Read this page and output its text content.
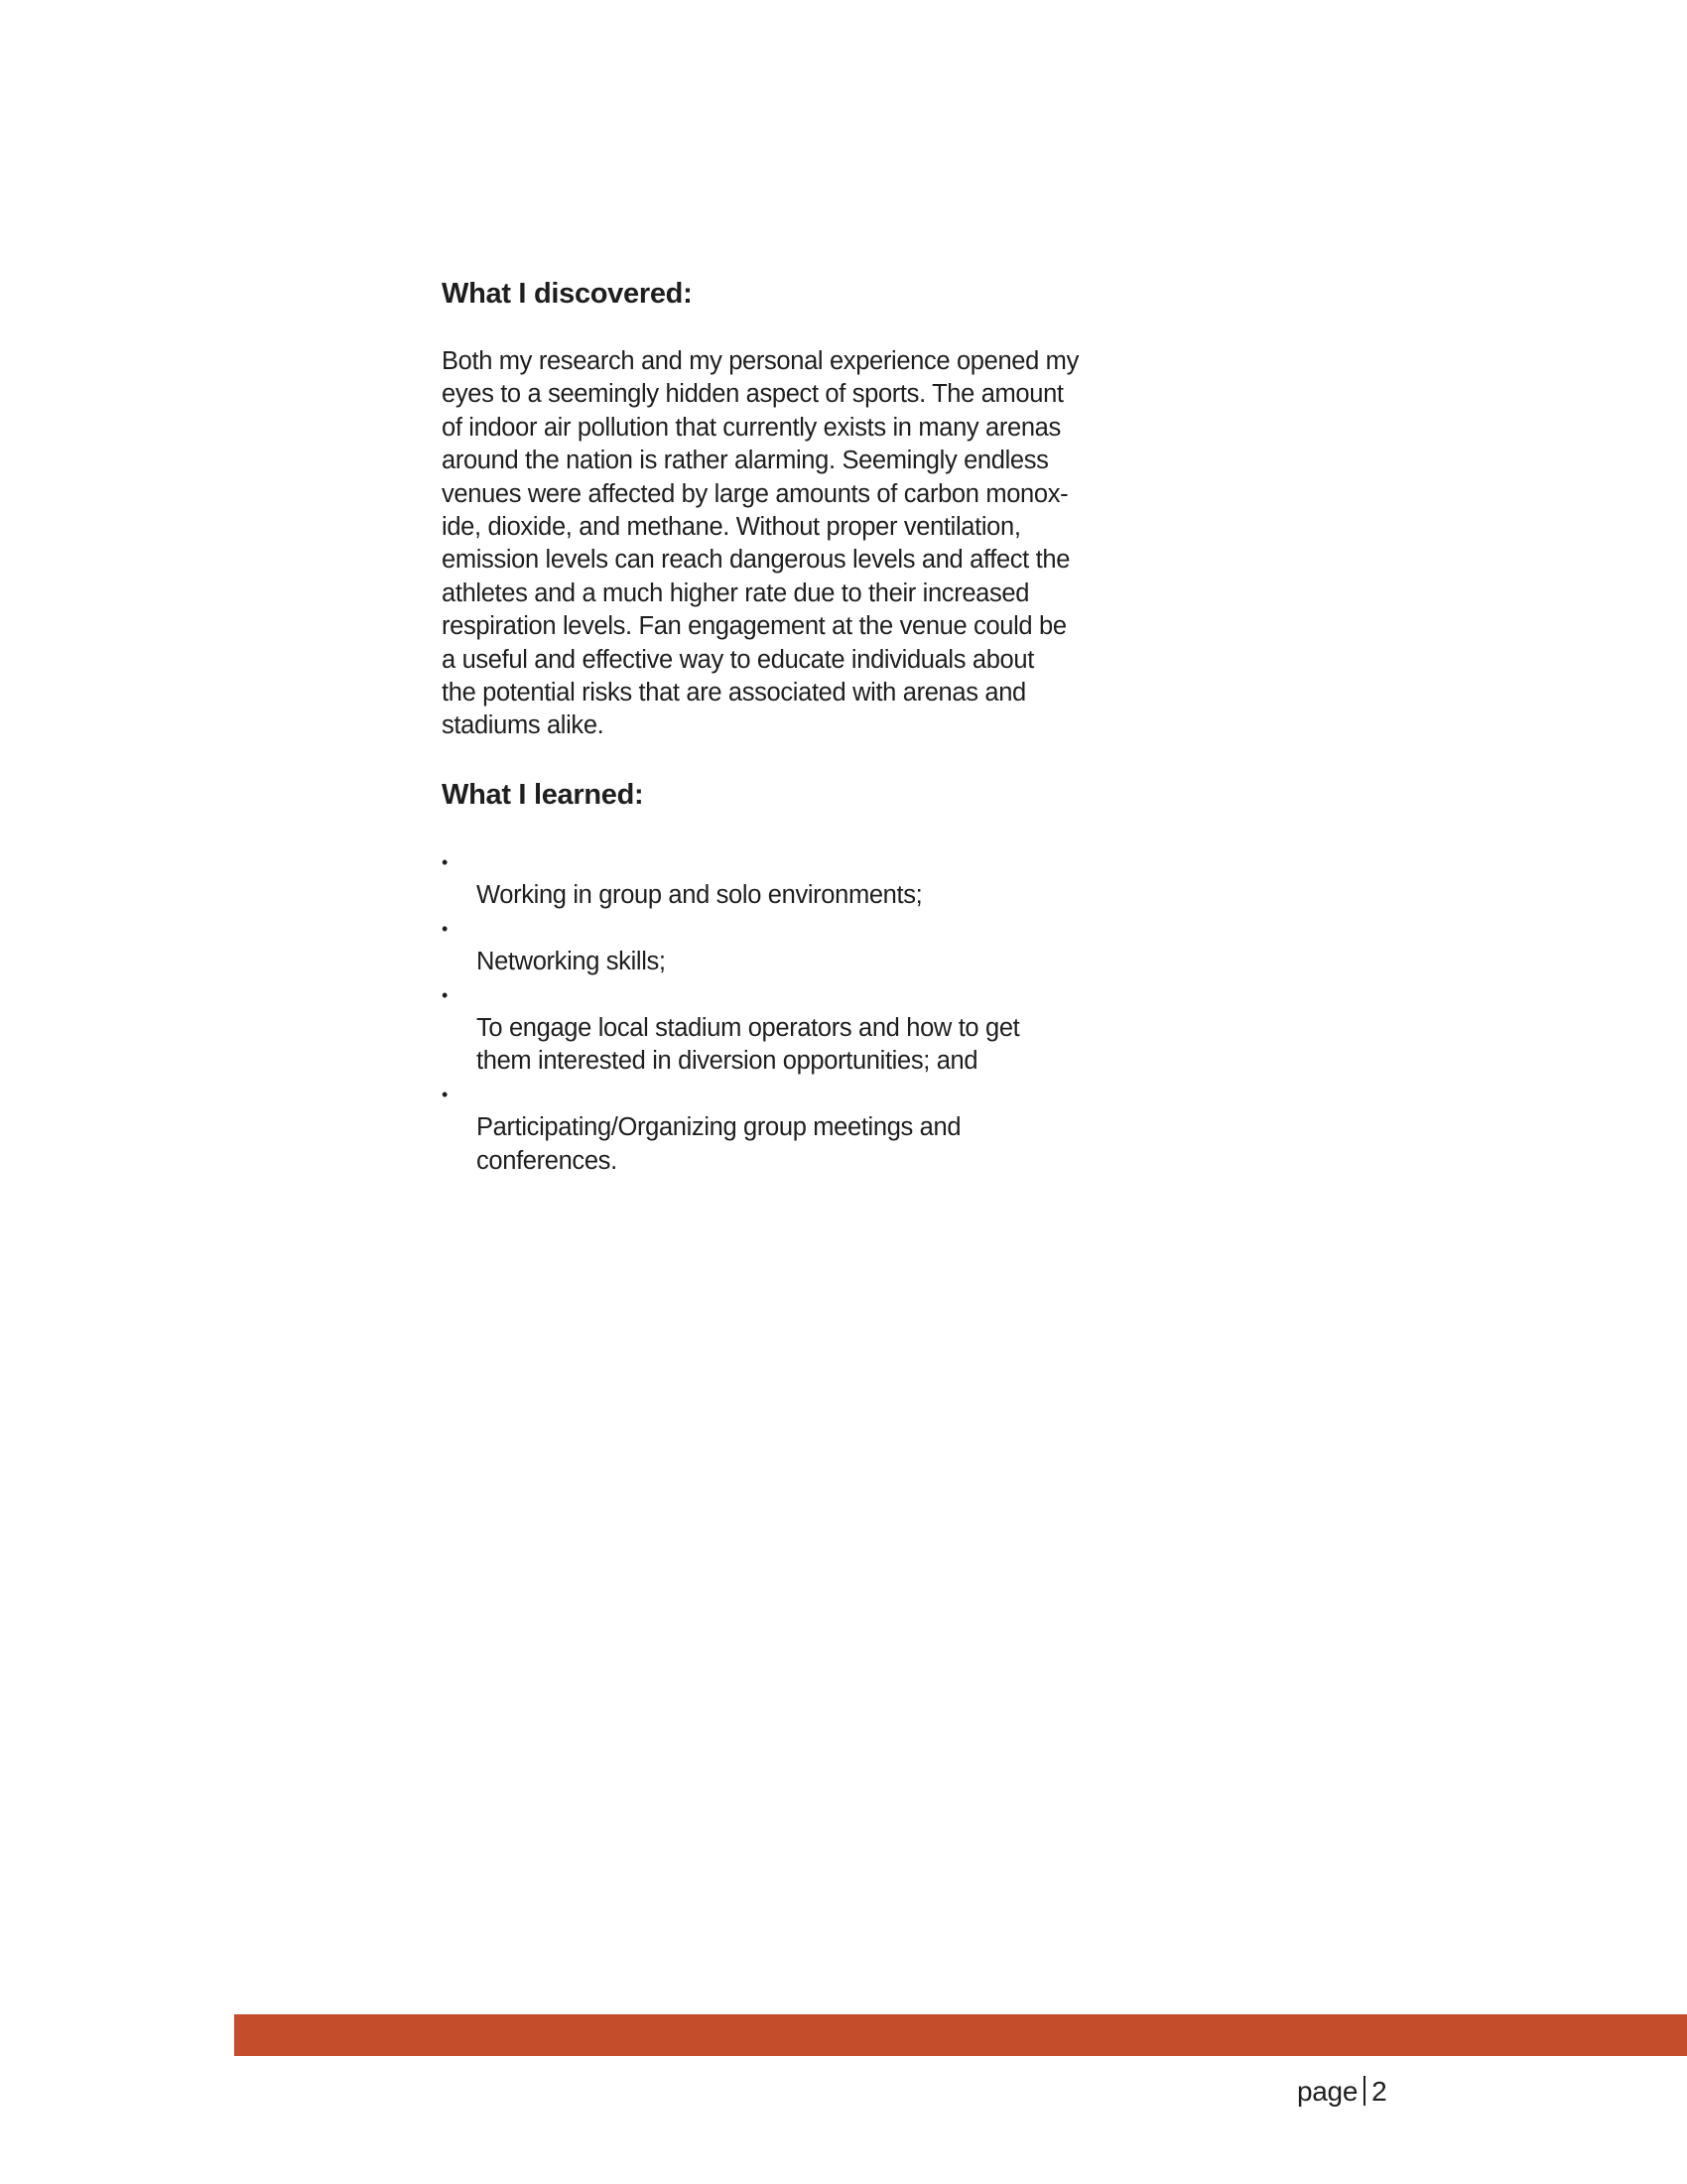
What I discovered:

Both my research and my personal experience opened my
eyes to a seemingly hidden aspect of sports. The amount
of indoor air pollution that currently exists in many arenas
around the nation is rather alarming. Seemingly endless
venues were affected by large amounts of carbon monox-
ide, dioxide, and methane. Without proper ventilation,
emission levels can reach dangerous levels and affect the
athletes and a much higher rate due to their increased
respiration levels. Fan engagement at the venue could be
a useful and effective way to educate individuals about
the potential risks that are associated with arenas and
stadiums alike.

What I learned:

•
Working in group and solo environments;

•
Networking skills;

•
To engage local stadium operators and how to get
them interested in diversion opportunities; and

•
Participating/Organizing group meetings and
conferences.

page 2
